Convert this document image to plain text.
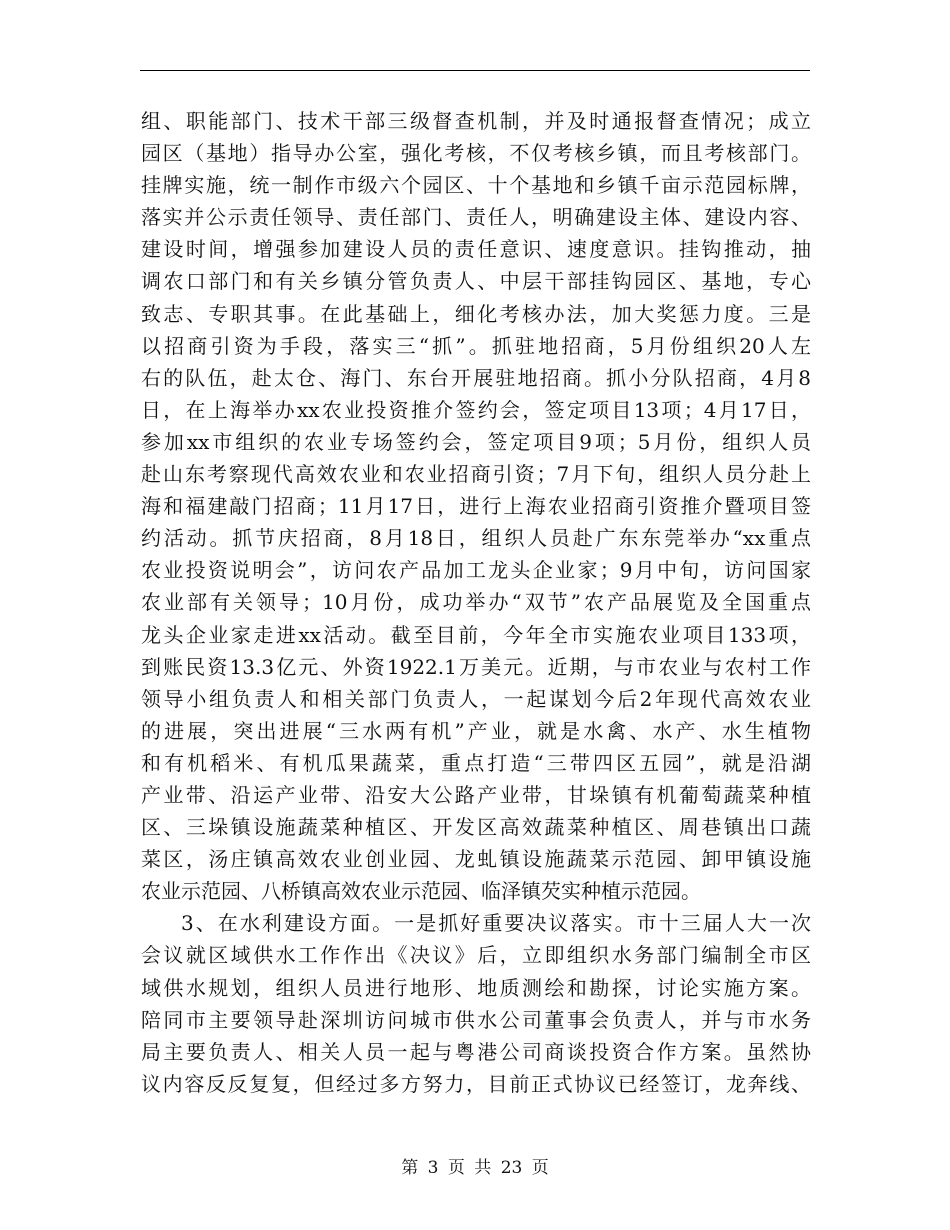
组、职能部门、技术干部三级督查机制，并及时通报督查情况；成立
园区（基地）指导办公室，强化考核，不仅考核乡镇，而且考核部门。
挂牌实施，统一制作市级六个园区、十个基地和乡镇千亩示范园标牌，
落实并公示责任领导、责任部门、责任人，明确建设主体、建设内容、
建设时间，增强参加建设人员的责任意识、速度意识。挂钩推动，抽
调农口部门和有关乡镇分管负责人、中层干部挂钩园区、基地，专心
致志、专职其事。在此基础上，细化考核办法，加大奖惩力度。三是
以招商引资为手段，落实三“抓”。抓驻地招商，5月份组织20人左
右的队伍，赴太仓、海门、东台开展驻地招商。抓小分队招商，4月8
日，在上海举办xx农业投资推介签约会，签定项目13项；4月17日，
参加xx市组织的农业专场签约会，签定项目9项；5月份，组织人员
赴山东考察现代高效农业和农业招商引资；7月下旬，组织人员分赴上
海和福建敲门招商；11月17日，进行上海农业招商引资推介暨项目签
约活动。抓节庆招商，8月18日，组织人员赴广东东莞举办“xx重点
农业投资说明会”，访问农产品加工龙头企业家；9月中旬，访问国家
农业部有关领导；10月份，成功举办“双节”农产品展览及全国重点
龙头企业家走进xx活动。截至目前，今年全市实施农业项目133项，
到账民资13.3亿元、外资1922.1万美元。近期，与市农业与农村工作
领导小组负责人和相关部门负责人，一起谋划今后2年现代高效农业
的进展，突出进展“三水两有机”产业，就是水禽、水产、水生植物
和有机稻米、有机瓜果蔬菜，重点打造“三带四区五园”，就是沿湖
产业带、沿运产业带、沿安大公路产业带，甘垛镇有机葡萄蔬菜种植
区、三垛镇设施蔬菜种植区、开发区高效蔬菜种植区、周巷镇出口蔬
菜区，汤庄镇高效农业创业园、龙虬镇设施蔬菜示范园、卸甲镇设施
农业示范园、八桥镇高效农业示范园、临泽镇芡实种植示范园。
3、在水利建设方面。一是抓好重要决议落实。市十三届人大一次
会议就区域供水工作作出《决议》后，立即组织水务部门编制全市区
域供水规划，组织人员进行地形、地质测绘和勘探，讨论实施方案。
陪同市主要领导赴深圳访问城市供水公司董事会负责人，并与市水务
局主要负责人、相关人员一起与粤港公司商谈投资合作方案。虽然协
议内容反反复复，但经过多方努力，目前正式协议已经签订，龙奔线、
第 3 页 共 23 页
